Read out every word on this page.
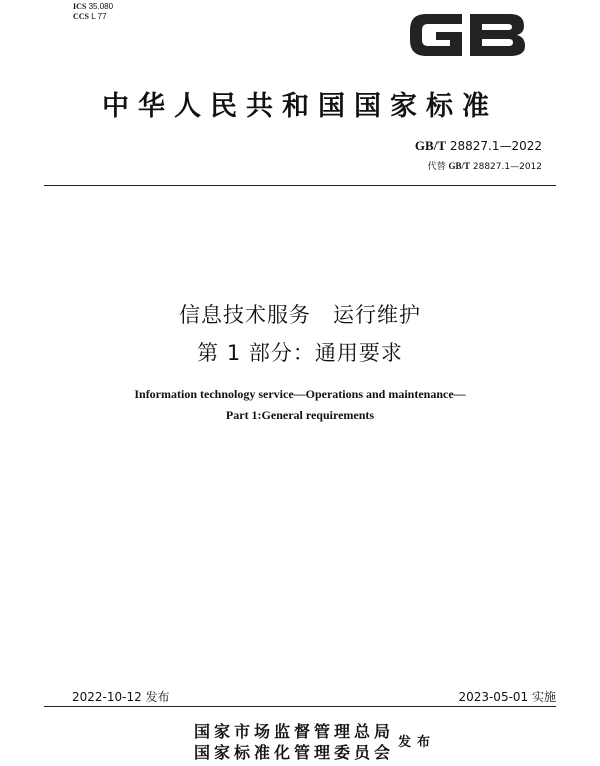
ICS 35.080
CCS L 77
GB
中华人民共和国国家标准
GB/T 28827.1—2022
代替 GB/T 28827.1—2012
信息技术服务　运行维护
第 1 部分：通用要求
Information technology service—Operations and maintenance—
Part 1:General requirements
2022-10-12 发布	2023-05-01 实施
国家市场监督管理总局
国家标准化管理委员会
发布
